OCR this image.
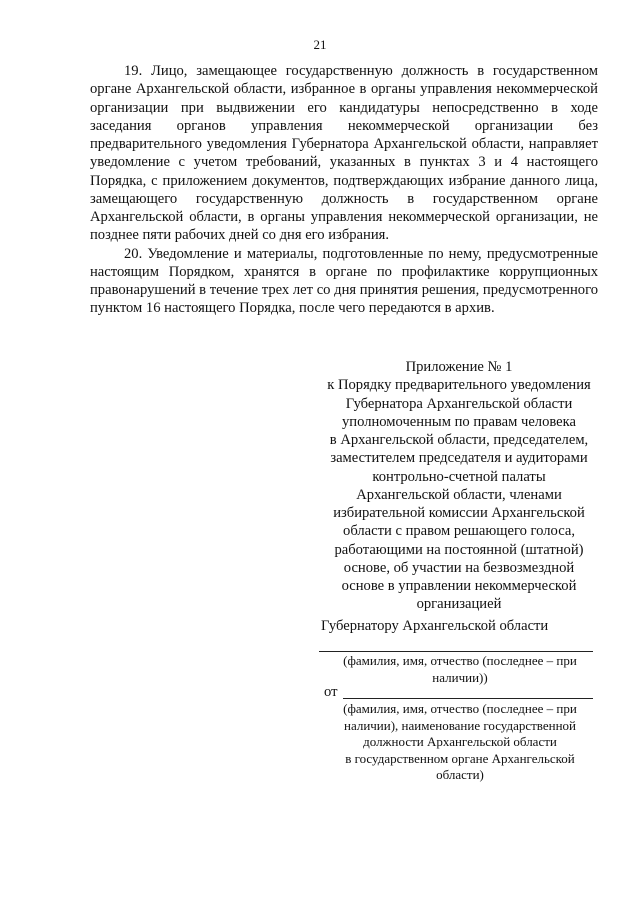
21

19. Лицо, замещающее государственную должность в государственном органе Архангельской области, избранное в органы управления некоммерческой организации при выдвижении его кандидатуры непосредственно в ходе заседания органов управления некоммерческой организации без предварительного уведомления Губернатора Архангельской области, направляет уведомление с учетом требований, указанных в пунктах 3 и 4 настоящего Порядка, с приложением документов, подтверждающих избрание данного лица, замещающего государственную должность в государственном органе Архангельской области, в органы управления некоммерческой организации, не позднее пяти рабочих дней со дня его избрания.

20. Уведомление и материалы, подготовленные по нему, предусмотренные настоящим Порядком, хранятся в органе по профилактике коррупционных правонарушений в течение трех лет со дня принятия решения, предусмотренного пунктом 16 настоящего Порядка, после чего передаются в архив.

Приложение № 1
к Порядку предварительного уведомления
Губернатора Архангельской области
уполномоченным по правам человека
в Архангельской области, председателем,
заместителем председателя и аудиторами
контрольно-счетной палаты
Архангельской области, членами
избирательной комиссии Архангельской
области с правом решающего голоса,
работающими на постоянной (штатной)
основе, об участии на безвозмездной
основе в управлении некоммерческой
организацией
Губернатору Архангельской области
(фамилия, имя, отчество (последнее – при
наличии))
от
(фамилия, имя, отчество (последнее – при
наличии), наименование государственной
должности Архангельской области
в государственном органе Архангельской
области)
